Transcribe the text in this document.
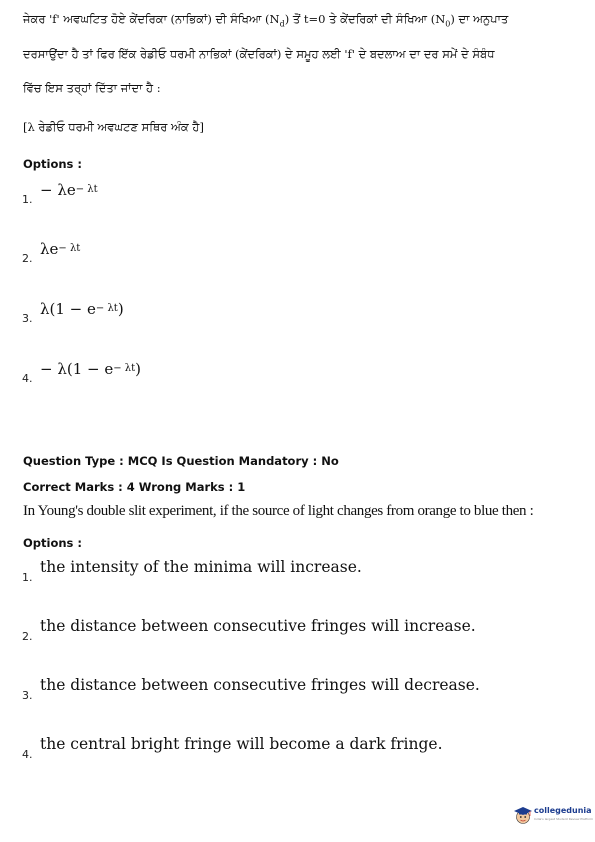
ਜੇਕਰ 'f' ਅਵਘਟਿਤ ਹੋਏ ਕੇਂਦਰਿਕਾ (ਨਾਭਿਕਾਂ) ਦੀ ਸੰਖਿਆ $(N_d)$ ਤੋਂ t=0 ਤੇ ਕੇਂਦਰਿਕਾਂ ਦੀ ਸੰਖਿਆ $(N_0)$ ਦਾ ਅਨੁਪਾਤ
ਦਰਸਾਉਂਦਾ ਹੈ ਤਾਂ ਫਿਰ ਇੱਕ ਰੇਡੀਓ ਧਰਮੀ ਨਾਭਿਕਾਂ (ਕੇਂਦਰਿਕਾਂ) ਦੇ ਸਮੂਹ ਲਈ 'f' ਦੇ ਬਦਲਾਅ ਦਾ ਦਰ ਸਮੇਂ ਦੇ ਸੰਬੰਧ
ਵਿੱਚ ਇਸ ਤਰ੍ਹਾਂ ਦਿੱਤਾ ਜਾਂਦਾ ਹੈ :
[λ ਰੇਡੀਓ ਧਰਮੀ ਅਵਘਟਣ ਸਥਿਰ ਅੰਕ ਹੈ]
Options :
1.
− $\lambda e^{- \lambda t}$
2.
$\lambda e^{- \lambda t}$
3.
$\lambda(1 - e^{- \lambda t})$
4.
− $\lambda(1 - e^{- \lambda t})$
Question Type : MCQ Is Question Mandatory : No
Correct Marks : 4 Wrong Marks : 1
In Young's double slit experiment, if the source of light changes from orange to blue then :
Options :
1.
the intensity of the minima will increase.
2.
the distance between consecutive fringes will increase.
3.
the distance between consecutive fringes will decrease.
4.
the central bright fringe will become a dark fringe.
collegedunia
India's largest Student Review Platform
